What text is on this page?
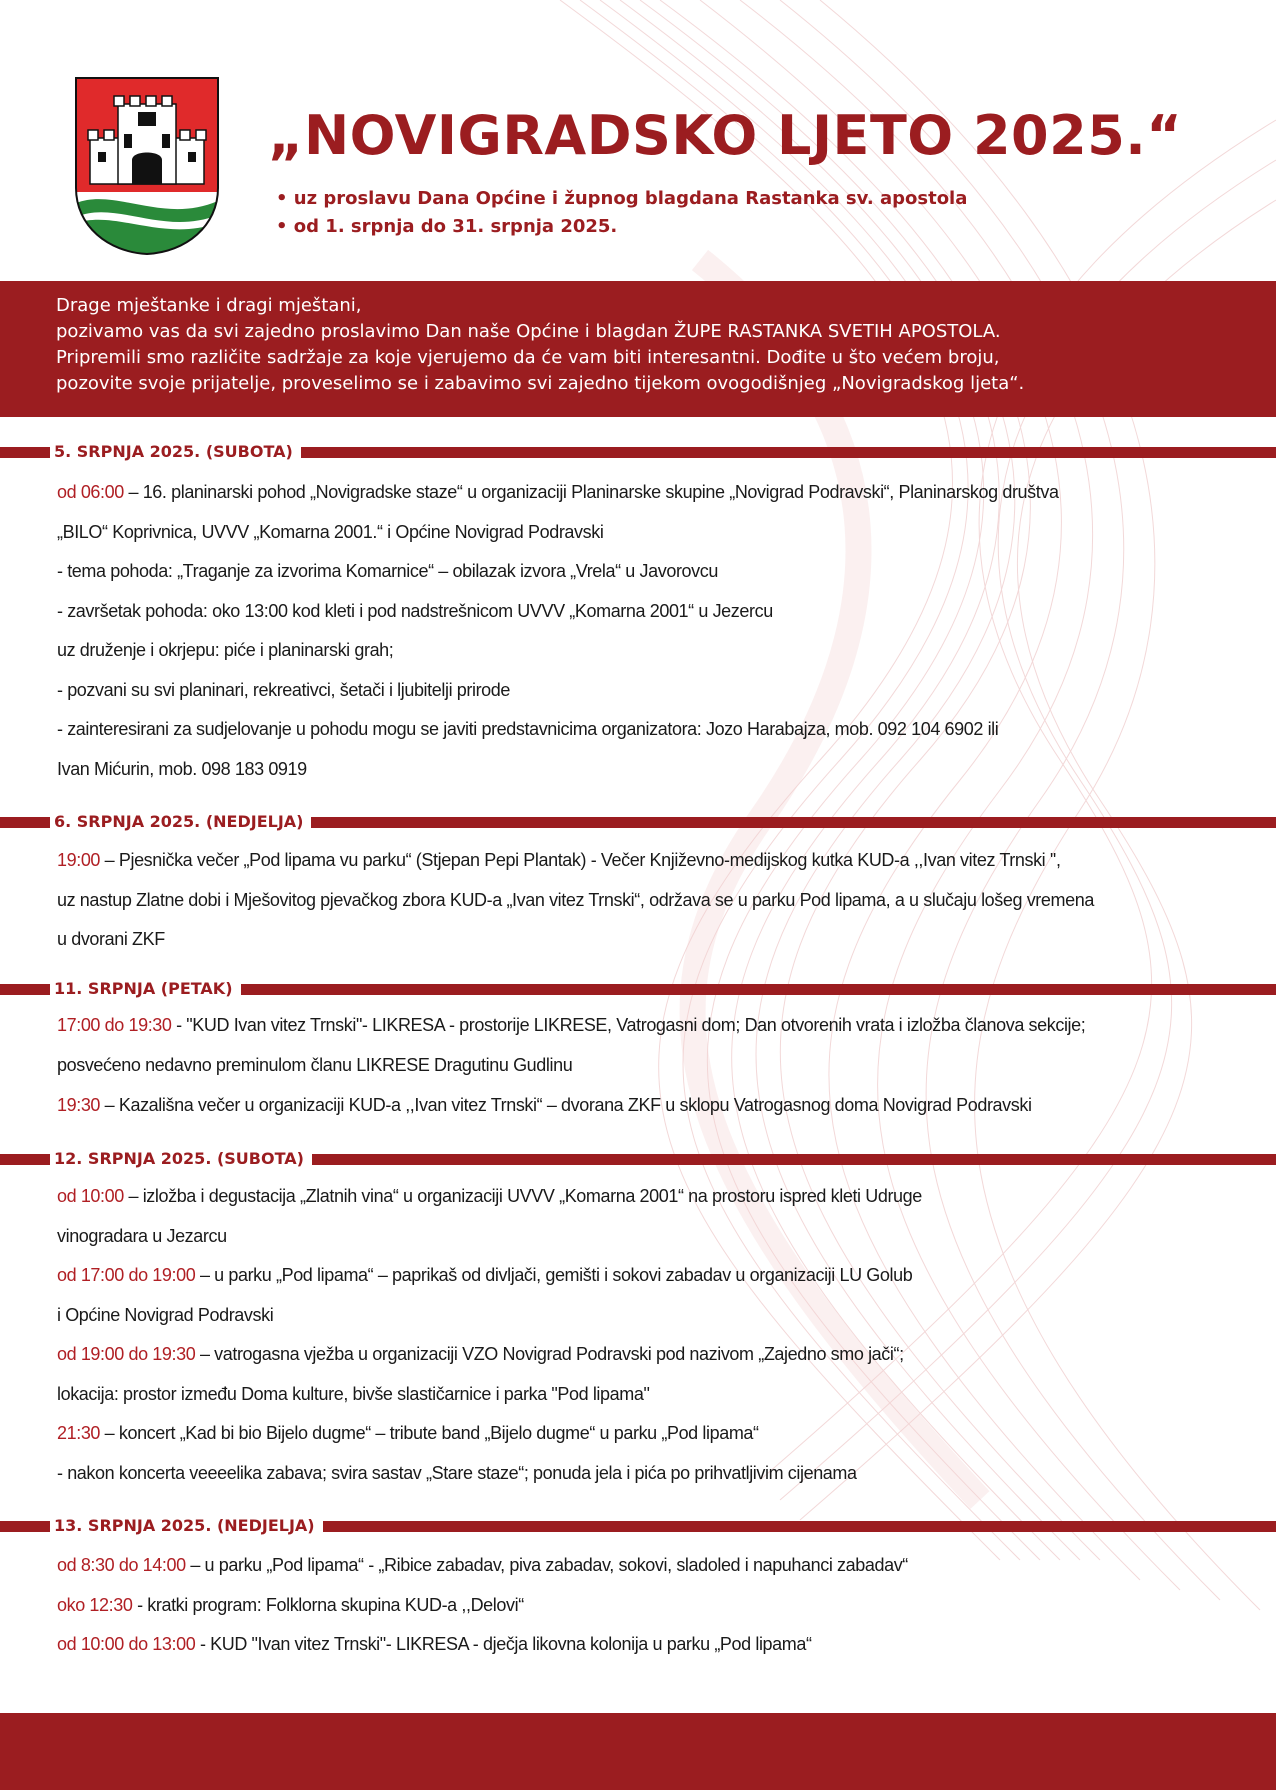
„NOVIGRADSKO LJETO 2025.“

• uz proslavu Dana Općine i župnog blagdana Rastanka sv. apostola

• od 1. srpnja do 31. srpnja 2025.

Drage mještanke i dragi mještani,

pozivamo vas da svi zajedno proslavimo Dan naše Općine i blagdan ŽUPE RASTANKA SVETIH APOSTOLA.

Pripremili smo različite sadržaje za koje vjerujemo da će vam biti interesantni. Dođite u što većem broju,

pozovite svoje prijatelje, proveselimo se i zabavimo svi zajedno tijekom ovogodišnjeg „Novigradskog ljeta“.

5. SRPNJA 2025. (SUBOTA)

od 06:00 – 16. planinarski pohod „Novigradske staze“ u organizaciji Planinarske skupine „Novigrad Podravski“, Planinarskog društva

„BILO“ Koprivnica, UVVV „Komarna 2001.“ i Općine Novigrad Podravski

- tema pohoda: „Traganje za izvorima Komarnice“ – obilazak izvora „Vrela“ u Javorovcu

- završetak pohoda: oko 13:00 kod kleti i pod nadstrešnicom UVVV „Komarna 2001“ u Jezercu

uz druženje i okrjepu: piće i planinarski grah;

- pozvani su svi planinari, rekreativci, šetači i ljubitelji prirode

- zainteresirani za sudjelovanje u pohodu mogu se javiti predstavnicima organizatora: Jozo Harabajza, mob. 092 104 6902 ili

Ivan Mićurin, mob. 098 183 0919

6. SRPNJA 2025. (NEDJELJA)

19:00 – Pjesnička večer „Pod lipama vu parku“ (Stjepan Pepi Plantak) - Večer Književno-medijskog kutka KUD-a ,,Ivan vitez Trnski '',

uz nastup Zlatne dobi i Mješovitog pjevačkog zbora KUD-a „Ivan vitez Trnski“, održava se u parku Pod lipama, a u slučaju lošeg vremena

u dvorani ZKF

11. SRPNJA (PETAK)

17:00 do 19:30 - "KUD Ivan vitez Trnski"- LIKRESA - prostorije LIKRESE, Vatrogasni dom; Dan otvorenih vrata i izložba članova sekcije;

posvećeno nedavno preminulom članu LIKRESE Dragutinu Gudlinu

19:30 – Kazališna večer u organizaciji KUD-a ,,Ivan vitez Trnski“ – dvorana ZKF u sklopu Vatrogasnog doma Novigrad Podravski

12. SRPNJA 2025. (SUBOTA)

od 10:00 – izložba i degustacija „Zlatnih vina“ u organizaciji UVVV „Komarna 2001“ na prostoru ispred kleti Udruge

vinogradara u Jezarcu

od 17:00 do 19:00 – u parku „Pod lipama“ – paprikaš od divljači, gemišti i sokovi zabadav u organizaciji LU Golub

i Općine Novigrad Podravski

od 19:00 do 19:30 – vatrogasna vježba u organizaciji VZO Novigrad Podravski pod nazivom „Zajedno smo jači“;

lokacija: prostor između Doma kulture, bivše slastičarnice i parka "Pod lipama"

21:30 – koncert „Kad bi bio Bijelo dugme“ – tribute band „Bijelo dugme“ u parku „Pod lipama“

- nakon koncerta veeeelika zabava; svira sastav „Stare staze“; ponuda jela i pića po prihvatljivim cijenama

13. SRPNJA 2025. (NEDJELJA)

od 8:30 do 14:00 – u parku „Pod lipama“ - „Ribice zabadav, piva zabadav, sokovi, sladoled i napuhanci zabadav“

oko 12:30 - kratki program: Folklorna skupina KUD-a ,,Delovi“

od 10:00 do 13:00 - KUD "Ivan vitez Trnski"- LIKRESA - dječja likovna kolonija u parku „Pod lipama“
